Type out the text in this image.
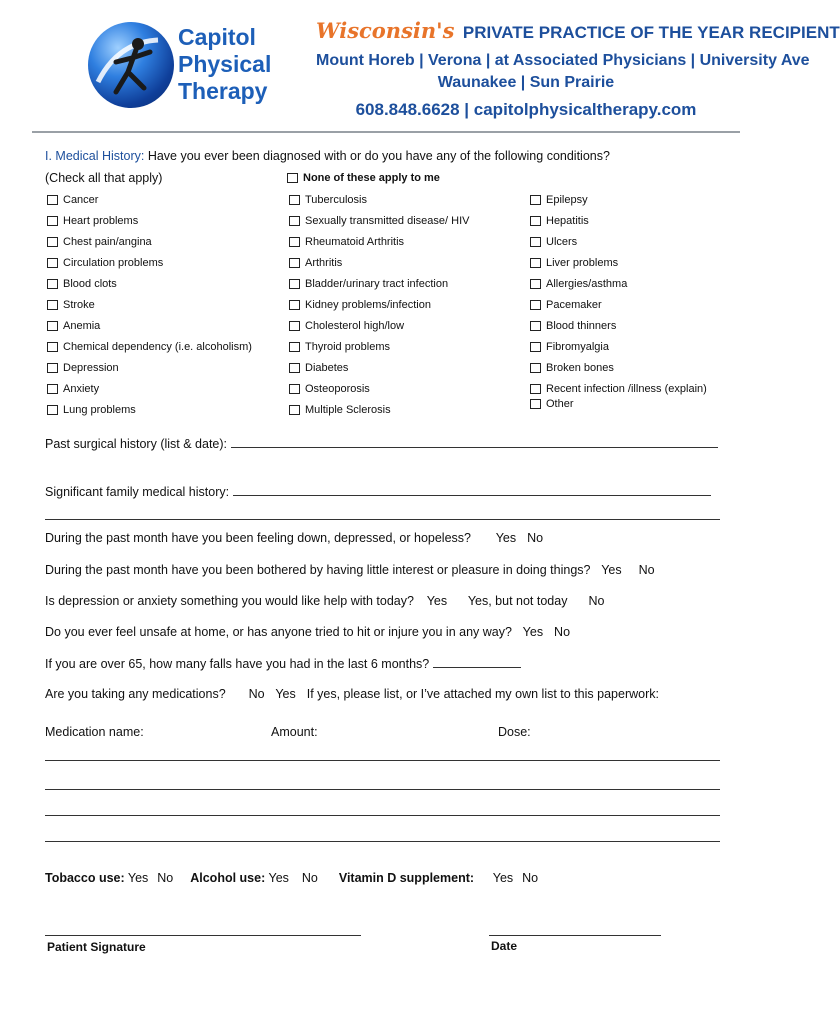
Capitol
Physical
Therapy
Wisconsin's PRIVATE PRACTICE OF THE YEAR RECIPIENT
Mount Horeb | Verona | at Associated Physicians | University Ave
Waunakee | Sun Prairie
608.848.6628 | capitolphysicaltherapy.com
I. Medical History: Have you ever been diagnosed with or do you have any of the following conditions?
(Check all that apply)	None of these apply to me
Cancer
Heart problems
Chest pain/angina
Circulation problems
Blood clots
Stroke
Anemia
Chemical dependency (i.e. alcoholism)
Depression
Anxiety
Lung problems
Tuberculosis
Sexually transmitted disease/ HIV
Rheumatoid Arthritis
Arthritis
Bladder/urinary tract infection
Kidney problems/infection
Cholesterol high/low
Thyroid problems
Diabetes
Osteoporosis
Multiple Sclerosis
Epilepsy
Hepatitis
Ulcers
Liver problems
Allergies/asthma
Pacemaker
Blood thinners
Fibromyalgia
Broken bones
Recent infection /illness (explain)
Other
Past surgical history (list & date):
Significant family medical history:
During the past month have you been feeling down, depressed, or hopeless? Yes No
During the past month have you been bothered by having little interest or pleasure in doing things? Yes No
Is depression or anxiety something you would like help with today? Yes Yes, but not today No
Do you ever feel unsafe at home, or has anyone tried to hit or injure you in any way? Yes No
If you are over 65, how many falls have you had in the last 6 months?
Are you taking any medications? No Yes If yes, please list, or I’ve attached my own list to this paperwork:
Medication name:	Amount:	Dose:
Tobacco use: Yes No Alcohol use: Yes No Vitamin D supplement: Yes No
Patient Signature	Date
